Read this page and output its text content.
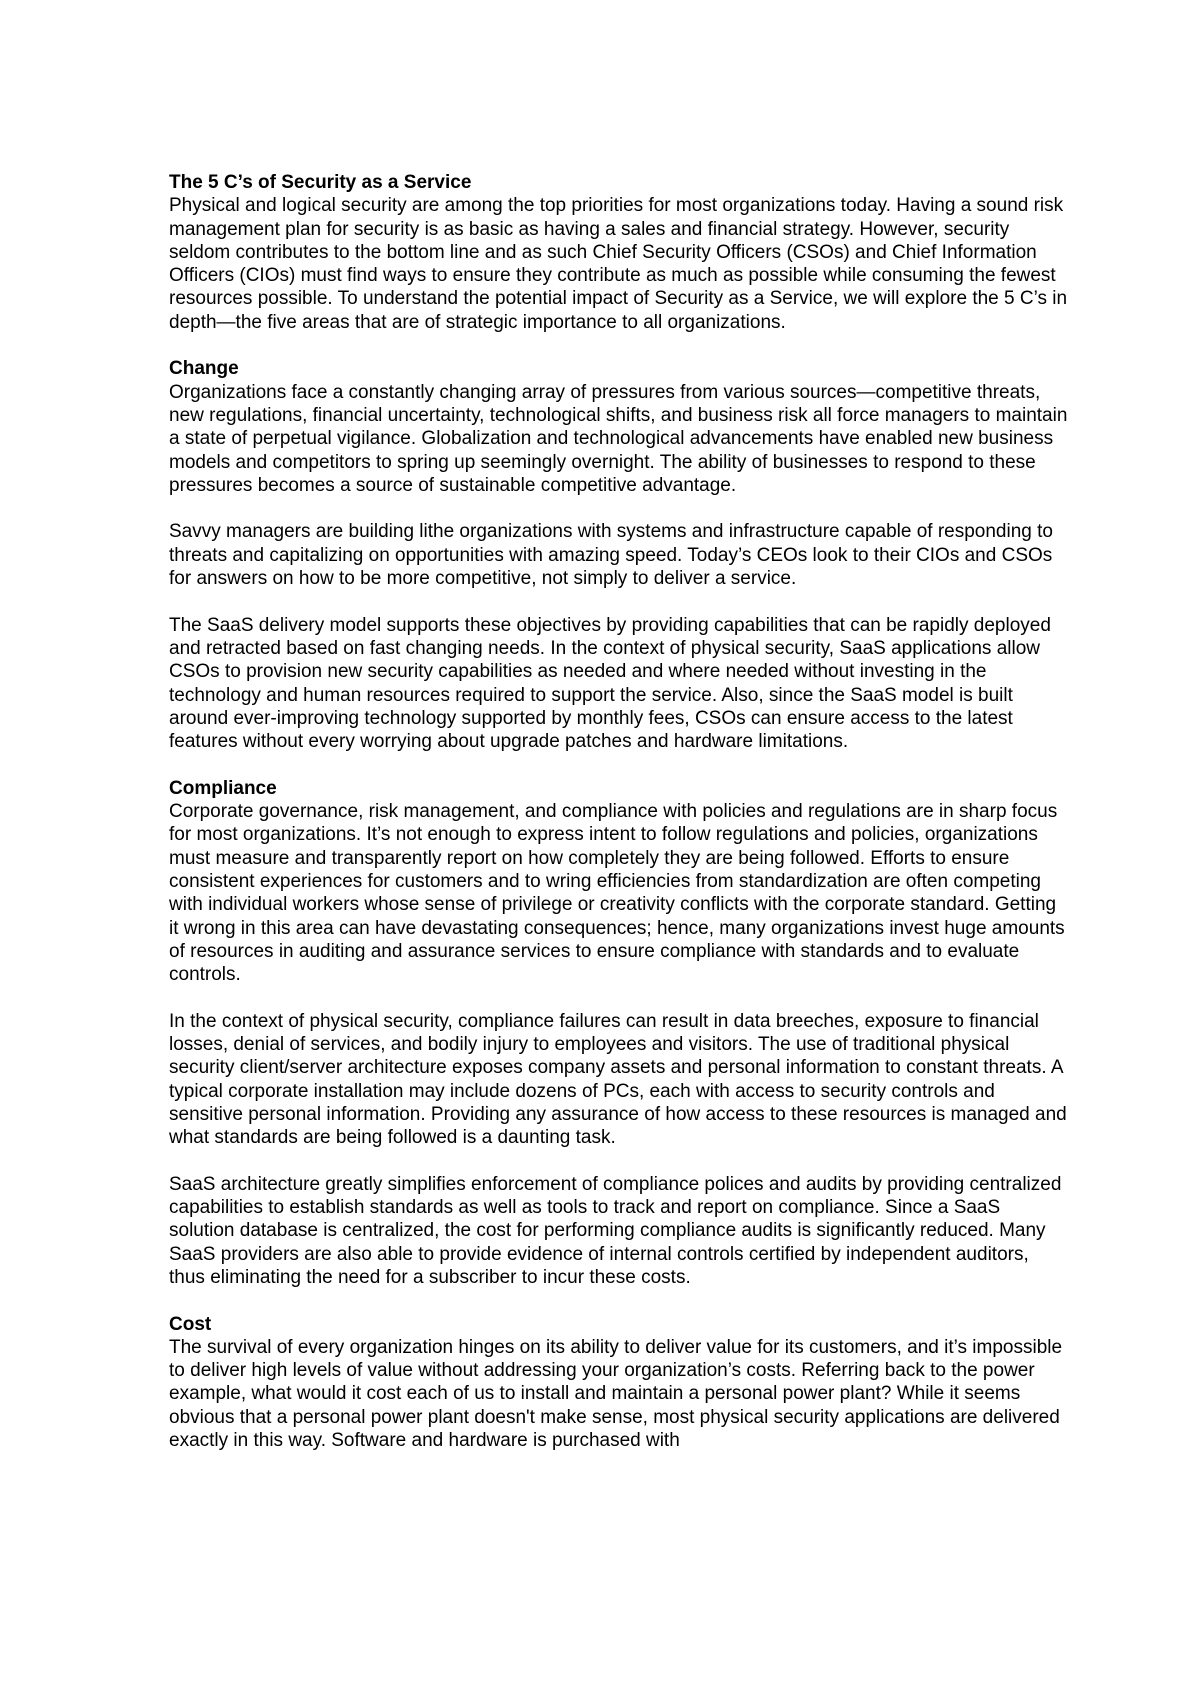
The 5 C’s of Security as a Service

Physical and logical security are among the top priorities for most organizations today. Having a sound risk management plan for security is as basic as having a sales and financial strategy. However, security seldom contributes to the bottom line and as such Chief Security Officers (CSOs) and Chief Information Officers (CIOs) must find ways to ensure they contribute as much as possible while consuming the fewest resources possible. To understand the potential impact of Security as a Service, we will explore the 5 C’s in depth—the five areas that are of strategic importance to all organizations.

Change

Organizations face a constantly changing array of pressures from various sources—competitive threats, new regulations, financial uncertainty, technological shifts, and business risk all force managers to maintain a state of perpetual vigilance. Globalization and technological advancements have enabled new business models and competitors to spring up seemingly overnight. The ability of businesses to respond to these pressures becomes a source of sustainable competitive advantage.

Savvy managers are building lithe organizations with systems and infrastructure capable of responding to threats and capitalizing on opportunities with amazing speed. Today’s CEOs look to their CIOs and CSOs for answers on how to be more competitive, not simply to deliver a service.

The SaaS delivery model supports these objectives by providing capabilities that can be rapidly deployed and retracted based on fast changing needs. In the context of physical security, SaaS applications allow CSOs to provision new security capabilities as needed and where needed without investing in the technology and human resources required to support the service. Also, since the SaaS model is built around ever-improving technology supported by monthly fees, CSOs can ensure access to the latest features without every worrying about upgrade patches and hardware limitations.

Compliance

Corporate governance, risk management, and compliance with policies and regulations are in sharp focus for most organizations. It’s not enough to express intent to follow regulations and policies, organizations must measure and transparently report on how completely they are being followed. Efforts to ensure consistent experiences for customers and to wring efficiencies from standardization are often competing with individual workers whose sense of privilege or creativity conflicts with the corporate standard. Getting it wrong in this area can have devastating consequences; hence, many organizations invest huge amounts of resources in auditing and assurance services to ensure compliance with standards and to evaluate controls.

In the context of physical security, compliance failures can result in data breeches, exposure to financial losses, denial of services, and bodily injury to employees and visitors. The use of traditional physical security client/server architecture exposes company assets and personal information to constant threats. A typical corporate installation may include dozens of PCs, each with access to security controls and sensitive personal information. Providing any assurance of how access to these resources is managed and what standards are being followed is a daunting task.

SaaS architecture greatly simplifies enforcement of compliance polices and audits by providing centralized capabilities to establish standards as well as tools to track and report on compliance. Since a SaaS solution database is centralized, the cost for performing compliance audits is significantly reduced. Many SaaS providers are also able to provide evidence of internal controls certified by independent auditors, thus eliminating the need for a subscriber to incur these costs.

Cost

The survival of every organization hinges on its ability to deliver value for its customers, and it’s impossible to deliver high levels of value without addressing your organization’s costs. Referring back to the power example, what would it cost each of us to install and maintain a personal power plant? While it seems obvious that a personal power plant doesn't make sense, most physical security applications are delivered exactly in this way. Software and hardware is purchased with
